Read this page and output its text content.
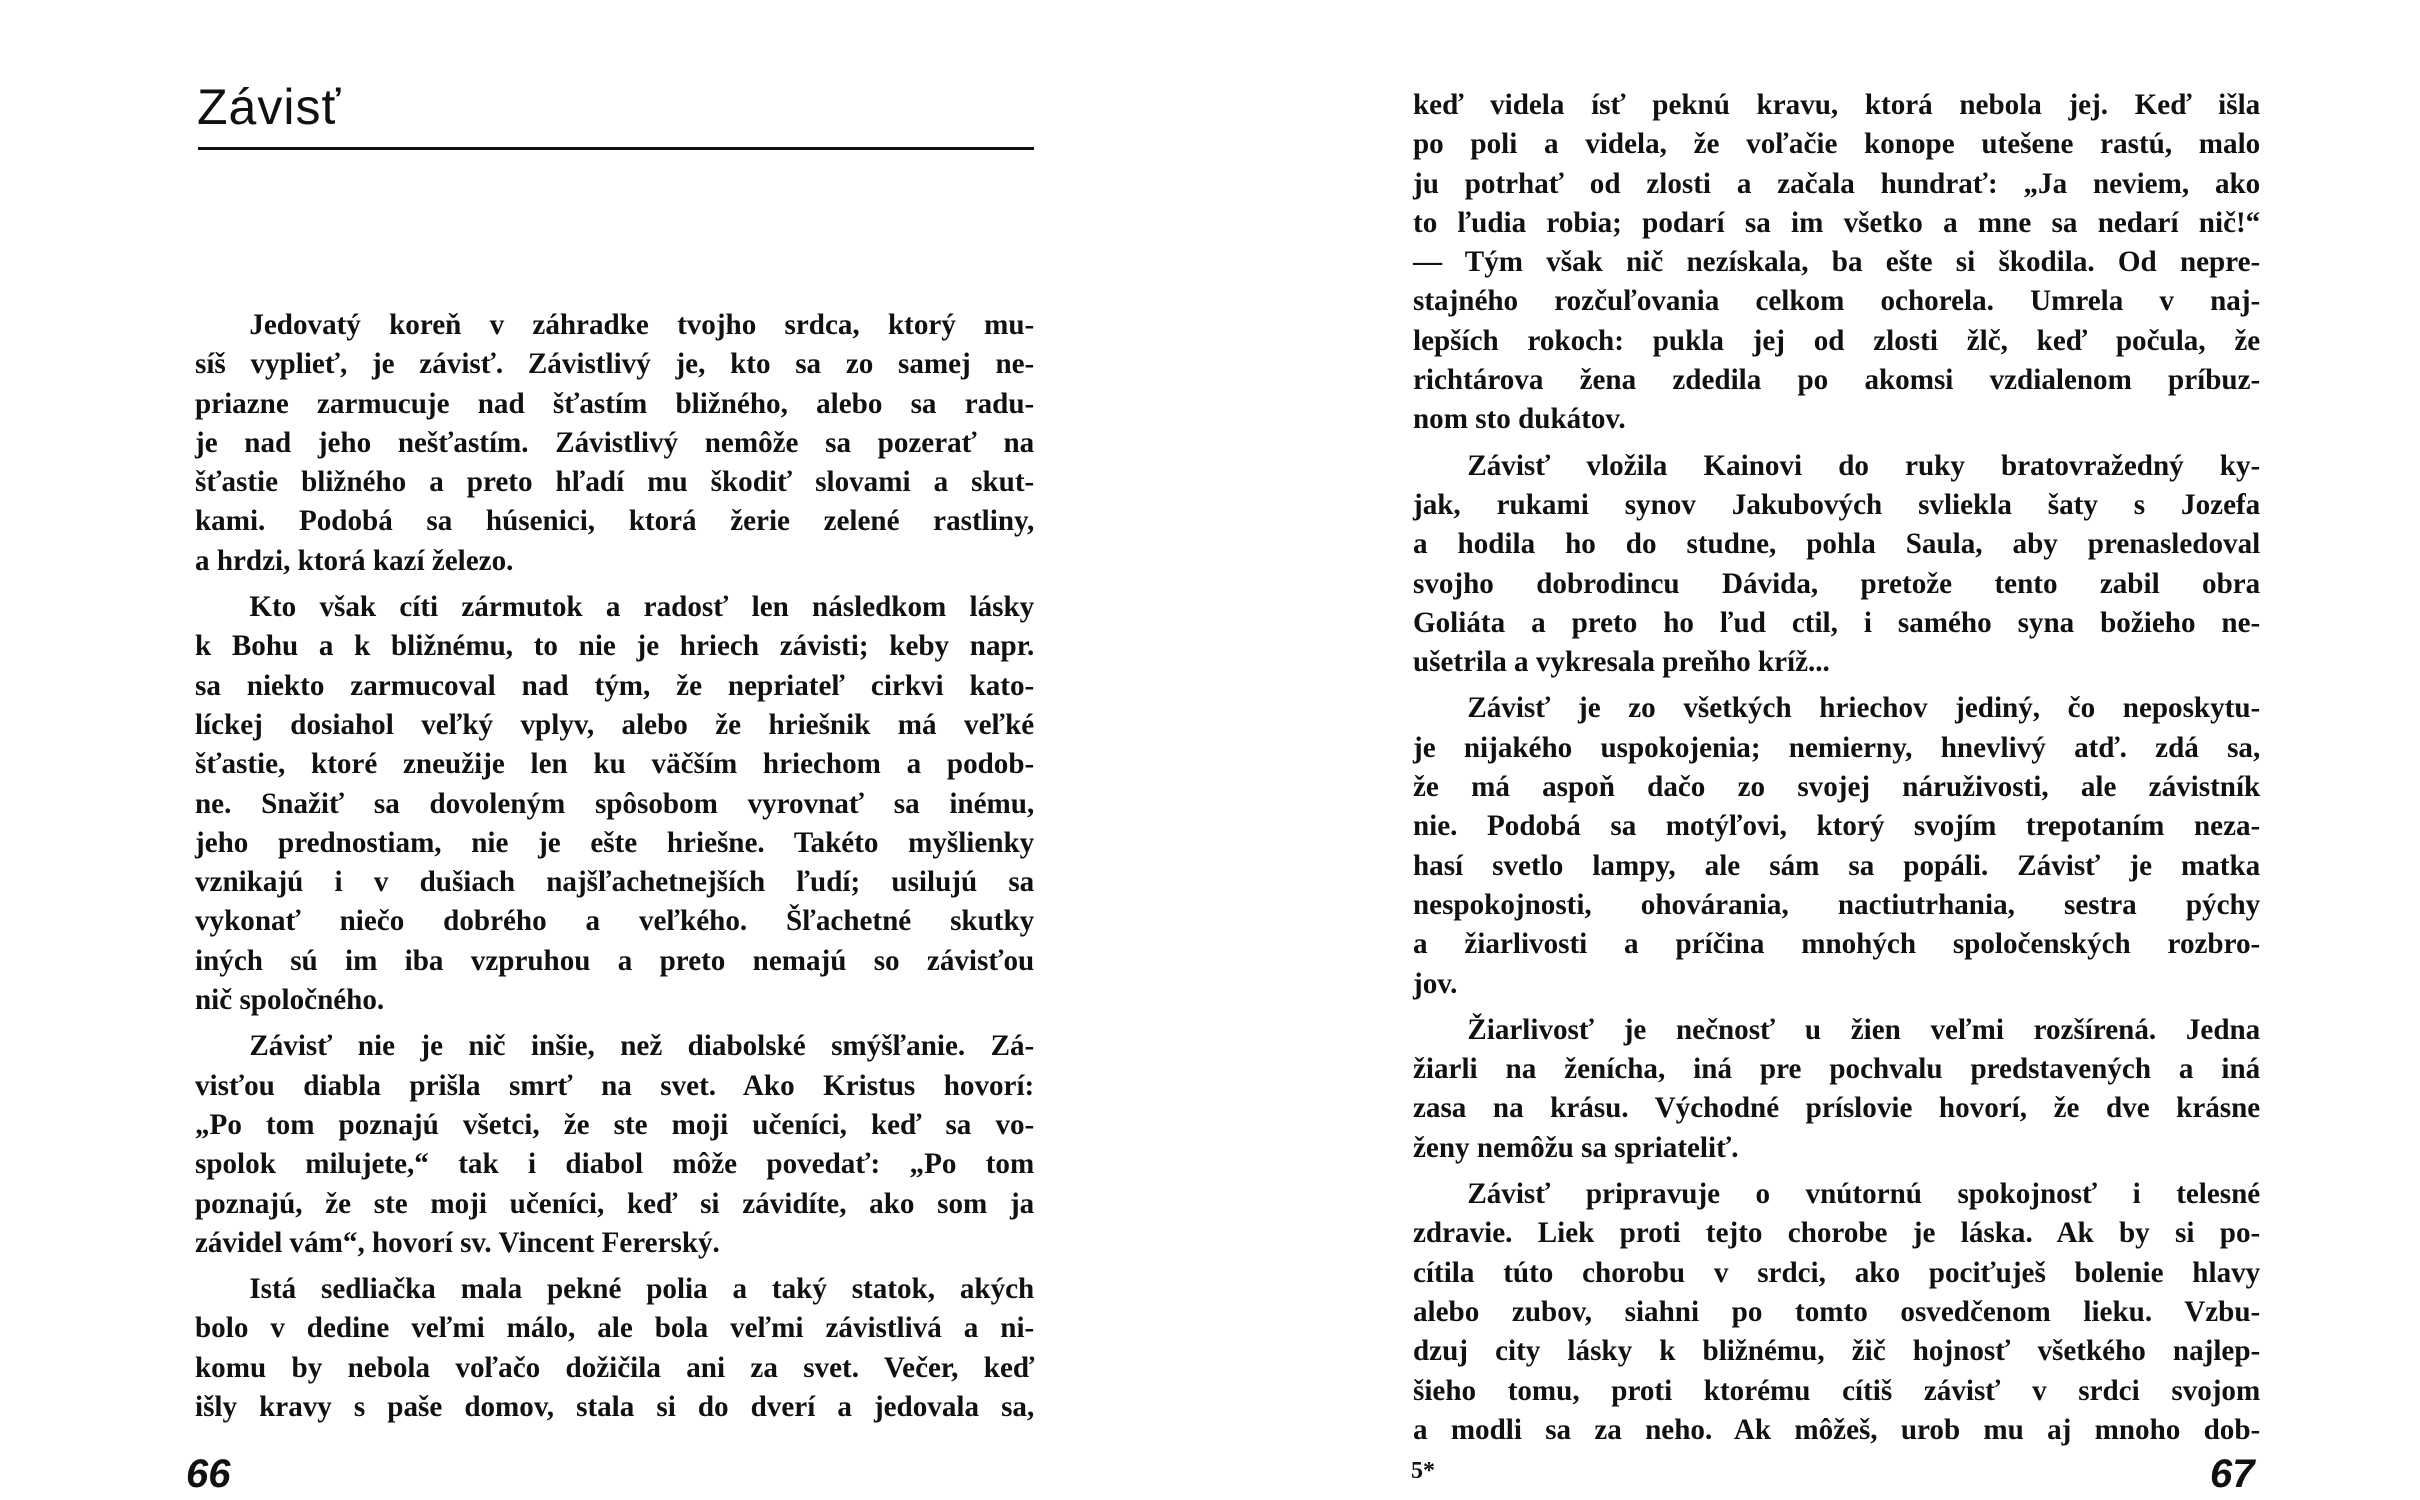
Závisť
Jedovatý koreň v záhradke tvojho srdca, ktorý mu-
síš vyplieť, je závisť. Závistlivý je, kto sa zo samej ne-
priazne zarmucuje nad šťastím bližného, alebo sa radu-
je nad jeho nešťastím. Závistlivý nemôže sa pozerať na
šťastie bližného a preto hľadí mu škodiť slovami a skut-
kami. Podobá sa húsenici, ktorá žerie zelené rastliny,
a hrdzi, ktorá kazí železo.
Kto však cíti zármutok a radosť len následkom lásky
k Bohu a k bližnému, to nie je hriech závisti; keby napr.
sa niekto zarmucoval nad tým, že nepriateľ cirkvi kato-
líckej dosiahol veľký vplyv, alebo že hriešnik má veľké
šťastie, ktoré zneužije len ku väčším hriechom a podob-
ne. Snažiť sa dovoleným spôsobom vyrovnať sa inému,
jeho prednostiam, nie je ešte hriešne. Takéto myšlienky
vznikajú i v dušiach najšľachetnejších ľudí; usilujú sa
vykonať niečo dobrého a veľkého. Šľachetné skutky
iných sú im iba vzpruhou a preto nemajú so závisťou
nič spoločného.
Závisť nie je nič inšie, než diabolské smýšľanie. Zá-
visťou diabla prišla smrť na svet. Ako Kristus hovorí:
„Po tom poznajú všetci, že ste moji učeníci, keď sa vo-
spolok milujete,“ tak i diabol môže povedať: „Po tom
poznajú, že ste moji učeníci, keď si závidíte, ako som ja
závidel vám“, hovorí sv. Vincent Fererský.
Istá sedliačka mala pekné polia a taký statok, akých
bolo v dedine veľmi málo, ale bola veľmi závistlivá a ni-
komu by nebola voľačo dožičila ani za svet. Večer, keď
išly kravy s paše domov, stala si do dverí a jedovala sa,
66
keď videla ísť peknú kravu, ktorá nebola jej. Keď išla
po poli a videla, že voľačie konope utešene rastú, malo
ju potrhať od zlosti a začala hundrať: „Ja neviem, ako
to ľudia robia; podarí sa im všetko a mne sa nedarí nič!“
— Tým však nič nezískala, ba ešte si škodila. Od nepre-
stajného rozčuľovania celkom ochorela. Umrela v naj-
lepších rokoch: pukla jej od zlosti žlč, keď počula, že
richtárova žena zdedila po akomsi vzdialenom príbuz-
nom sto dukátov.
Závisť vložila Kainovi do ruky bratovražedný ky-
jak, rukami synov Jakubových svliekla šaty s Jozefa
a hodila ho do studne, pohla Saula, aby prenasledoval
svojho dobrodincu Dávida, pretože tento zabil obra
Goliáta a preto ho ľud ctil, i samého syna božieho ne-
ušetrila a vykresala preňho kríž...
Závisť je zo všetkých hriechov jediný, čo neposkytu-
je nijakého uspokojenia; nemierny, hnevlivý atď. zdá sa,
že má aspoň dačo zo svojej náruživosti, ale závistník
nie. Podobá sa motýľovi, ktorý svojím trepotaním neza-
hasí svetlo lampy, ale sám sa popáli. Závisť je matka
nespokojnosti, ohovárania, nactiutrhania, sestra pýchy
a žiarlivosti a príčina mnohých spoločenských rozbro-
jov.
Žiarlivosť je nečnosť u žien veľmi rozšírená. Jedna
žiarli na ženícha, iná pre pochvalu predstavených a iná
zasa na krásu. Východné príslovie hovorí, že dve krásne
ženy nemôžu sa spriateliť.
Závisť pripravuje o vnútornú spokojnosť i telesné
zdravie. Liek proti tejto chorobe je láska. Ak by si po-
cítila túto chorobu v srdci, ako pociťuješ bolenie hlavy
alebo zubov, siahni po tomto osvedčenom lieku. Vzbu-
dzuj city lásky k bližnému, žič hojnosť všetkého najlep-
šieho tomu, proti ktorému cítiš závisť v srdci svojom
a modli sa za neho. Ak môžeš, urob mu aj mnoho dob-
5*	67
